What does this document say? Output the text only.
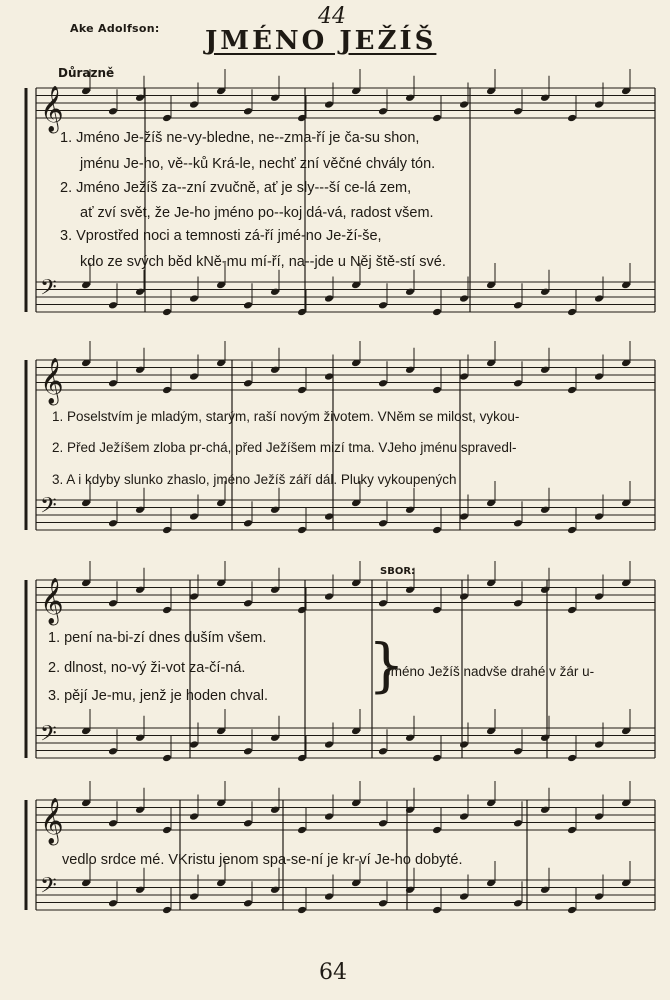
Ake Adolfson:	44
JMÉNO JEŽÍŠ
Důrazně
SBOR:
𝄞
𝄢
𝄞
𝄢
𝄞
𝄢
𝄞
𝄢
1. Jméno Je-žíš ne-vy-bledne, ne--zma-ří je ča-su shon,
jménu Je-ho, vě--ků Krá-le, nechť zní věčné chvály tón.
2. Jméno Ježíš za--zní zvučně, ať je sly---ší ce-lá zem,
ať zví svět, že Je-ho jméno po--koj dá-vá, radost všem.
3. Vprostřed noci a temnosti zá-ří jmé-no Je-ží-še,
kdo ze svých běd kNě-mu mí-ří, na--jde u Něj ště-stí své.
1. Poselstvím je mladým, starým, raší novým životem. VNěm se milost, vykou-
2. Před Ježíšem zloba pr-chá, před Ježíšem mizí tma. VJeho jménu spravedl-
3. A i kdyby slunko zhaslo, jméno Ježíš září dál. Pluky vykoupených
1. pení na-bi-zí dnes duším všem.
2. dlnost, no-vý ži-vot za-čí-ná.
3. pějí Je-mu, jenž je hoden chval. }
Jméno Ježíš nadvše drahé v žár u-
vedlo srdce mé. VKristu jenom spa-se-ní je kr-ví Je-ho dobyté.
64
